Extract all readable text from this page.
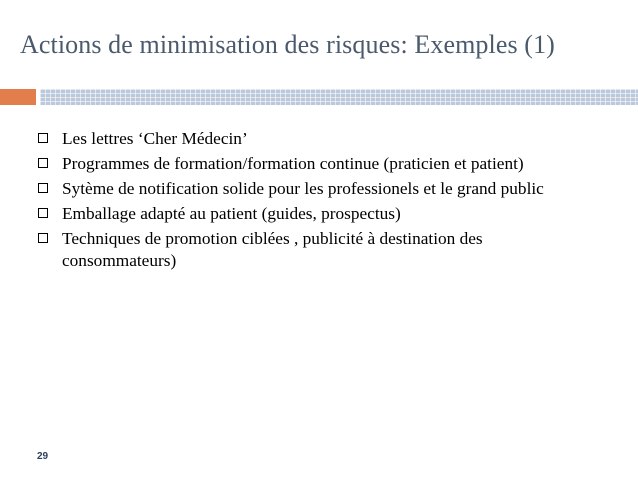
Actions de minimisation des risques: Exemples (1)
Les lettres ‘Cher Médecin’
Programmes de formation/formation continue (praticien et patient)
Sytème de notification solide pour les professionels et le grand public
Emballage adapté au patient (guides, prospectus)
Techniques de promotion ciblées , publicité à destination des consommateurs)
29
